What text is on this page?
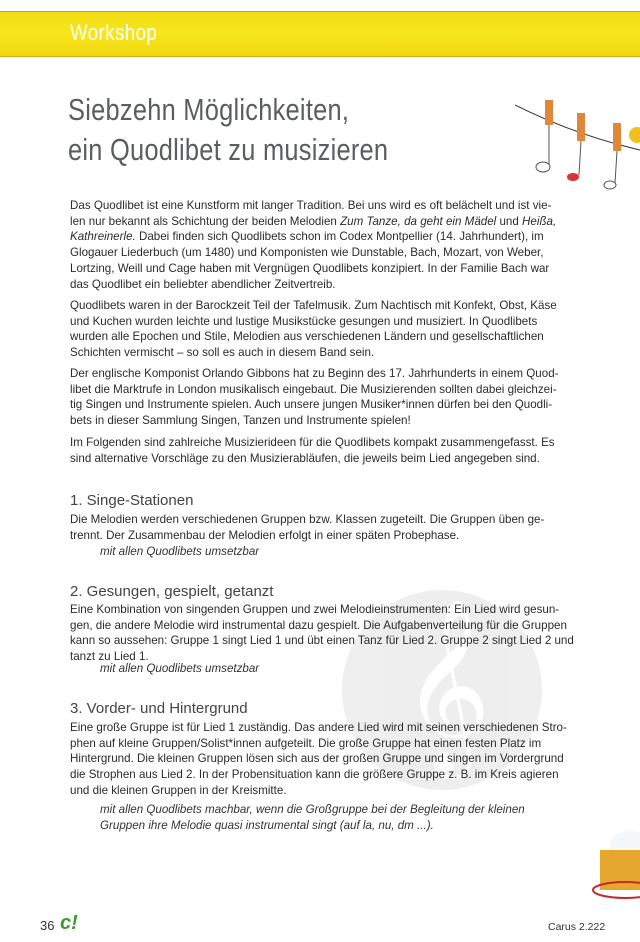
Workshop
Siebzehn Möglichkeiten,
ein Quodlibet zu musizieren
𝄞
Das Quodlibet ist eine Kunstform mit langer Tradition. Bei uns wird es oft belächelt und ist vie-
len nur bekannt als Schichtung der beiden Melodien Zum Tanze, da geht ein Mädel und Heißa,
Kathreinerle. Dabei finden sich Quodlibets schon im Codex Montpellier (14. Jahrhundert), im
Glogauer Liederbuch (um 1480) und Komponisten wie Dunstable, Bach, Mozart, von Weber,
Lortzing, Weill und Cage haben mit Vergnügen Quodlibets konzipiert. In der Familie Bach war
das Quodlibet ein beliebter abendlicher Zeitvertreib.
Quodlibets waren in der Barockzeit Teil der Tafelmusik. Zum Nachtisch mit Konfekt, Obst, Käse
und Kuchen wurden leichte und lustige Musikstücke gesungen und musiziert. In Quodlibets
wurden alle Epochen und Stile, Melodien aus verschiedenen Ländern und gesellschaftlichen
Schichten vermischt – so soll es auch in diesem Band sein.
Der englische Komponist Orlando Gibbons hat zu Beginn des 17. Jahrhunderts in einem Quod-
libet die Marktrufe in London musikalisch eingebaut. Die Musizierenden sollten dabei gleichzei-
tig Singen und Instrumente spielen. Auch unsere jungen Musiker*innen dürfen bei den Quodli-
bets in dieser Sammlung Singen, Tanzen und Instrumente spielen!
Im Folgenden sind zahlreiche Musizierideen für die Quodlibets kompakt zusammengefasst. Es
sind alternative Vorschläge zu den Musizierabläufen, die jeweils beim Lied angegeben sind.
1. Singe-Stationen
Die Melodien werden verschiedenen Gruppen bzw. Klassen zugeteilt. Die Gruppen üben ge-
trennt. Der Zusammenbau der Melodien erfolgt in einer späten Probephase.
mit allen Quodlibets umsetzbar
2. Gesungen, gespielt, getanzt
Eine Kombination von singenden Gruppen und zwei Melodieinstrumenten: Ein Lied wird gesun-
gen, die andere Melodie wird instrumental dazu gespielt. Die Aufgabenverteilung für die Gruppen
kann so aussehen: Gruppe 1 singt Lied 1 und übt einen Tanz für Lied 2. Gruppe 2 singt Lied 2 und
tanzt zu Lied 1.
mit allen Quodlibets umsetzbar
3. Vorder- und Hintergrund
Eine große Gruppe ist für Lied 1 zuständig. Das andere Lied wird mit seinen verschiedenen Stro-
phen auf kleine Gruppen/Solist*innen aufgeteilt. Die große Gruppe hat einen festen Platz im
Hintergrund. Die kleinen Gruppen lösen sich aus der großen Gruppe und singen im Vordergrund
die Strophen aus Lied 2. In der Probensituation kann die größere Gruppe z. B. im Kreis agieren
und die kleinen Gruppen in der Kreismitte.
mit allen Quodlibets machbar, wenn die Großgruppe bei der Begleitung der kleinen
Gruppen ihre Melodie quasi instrumental singt (auf la, nu, dm ...).
36 c!	Carus 2.222
